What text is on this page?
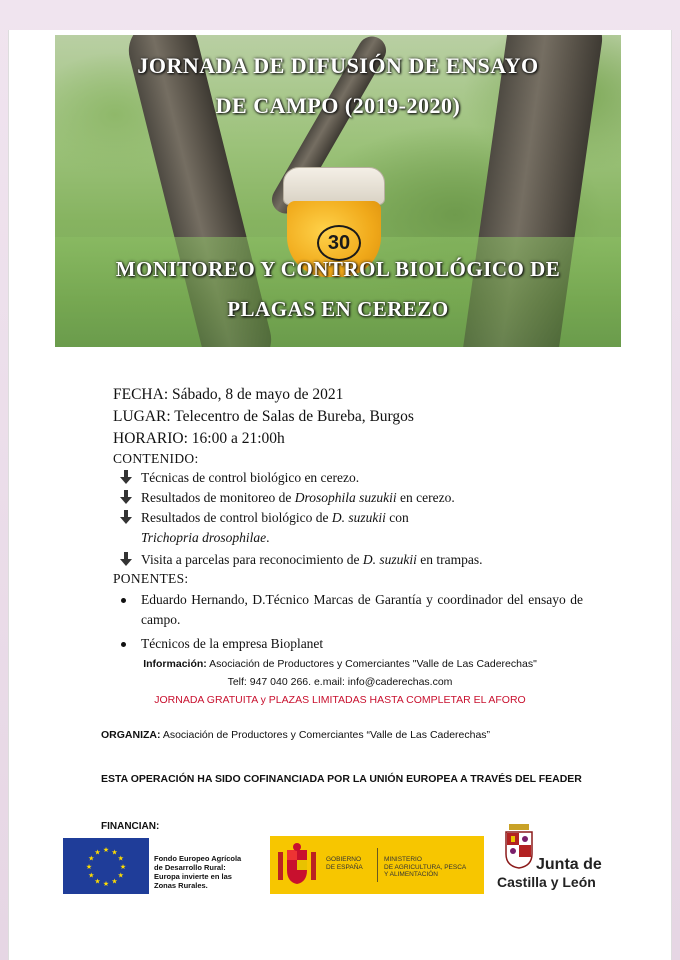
30
JORNADA DE DIFUSIÓN DE ENSAYO
DE CAMPO (2019-2020)
MONITOREO Y CONTROL BIOLÓGICO DE
PLAGAS EN CEREZO
FECHA: Sábado, 8 de mayo de 2021
LUGAR: Telecentro de Salas de Bureba, Burgos
HORARIO: 16:00 a 21:00h
CONTENIDO:
Técnicas de control biológico en cerezo.
Resultados de monitoreo de Drosophila suzukii en cerezo.
Resultados de control biológico de D. suzukii con
Trichopria drosophilae.
Visita a parcelas para reconocimiento de D. suzukii en trampas.
PONENTES:
Eduardo Hernando, D.Técnico Marcas de Garantía y coordinador del ensayo de campo.
Técnicos de la empresa Bioplanet
Información: Asociación de Productores y Comerciantes "Valle de Las Caderechas"
Telf: 947 040 266. e.mail: info@caderechas.com
JORNADA GRATUITA y PLAZAS LIMITADAS HASTA COMPLETAR EL AFORO
ORGANIZA: Asociación de Productores y Comerciantes “Valle de Las Caderechas”
ESTA OPERACIÓN HA SIDO COFINANCIADA POR LA UNIÓN EUROPEA A TRAVÉS DEL FEADER
FINANCIAN:
★
★
★
★
★
★
★
★
★ ★ ★
★	Fondo Europeo Agrícola
de Desarrollo Rural:
Europa invierte en las
Zonas Rurales.
GOBIERNO
DE ESPAÑA
MINISTERIO
DE AGRICULTURA, PESCA
Y ALIMENTACIÓN
Junta de
Castilla y León
